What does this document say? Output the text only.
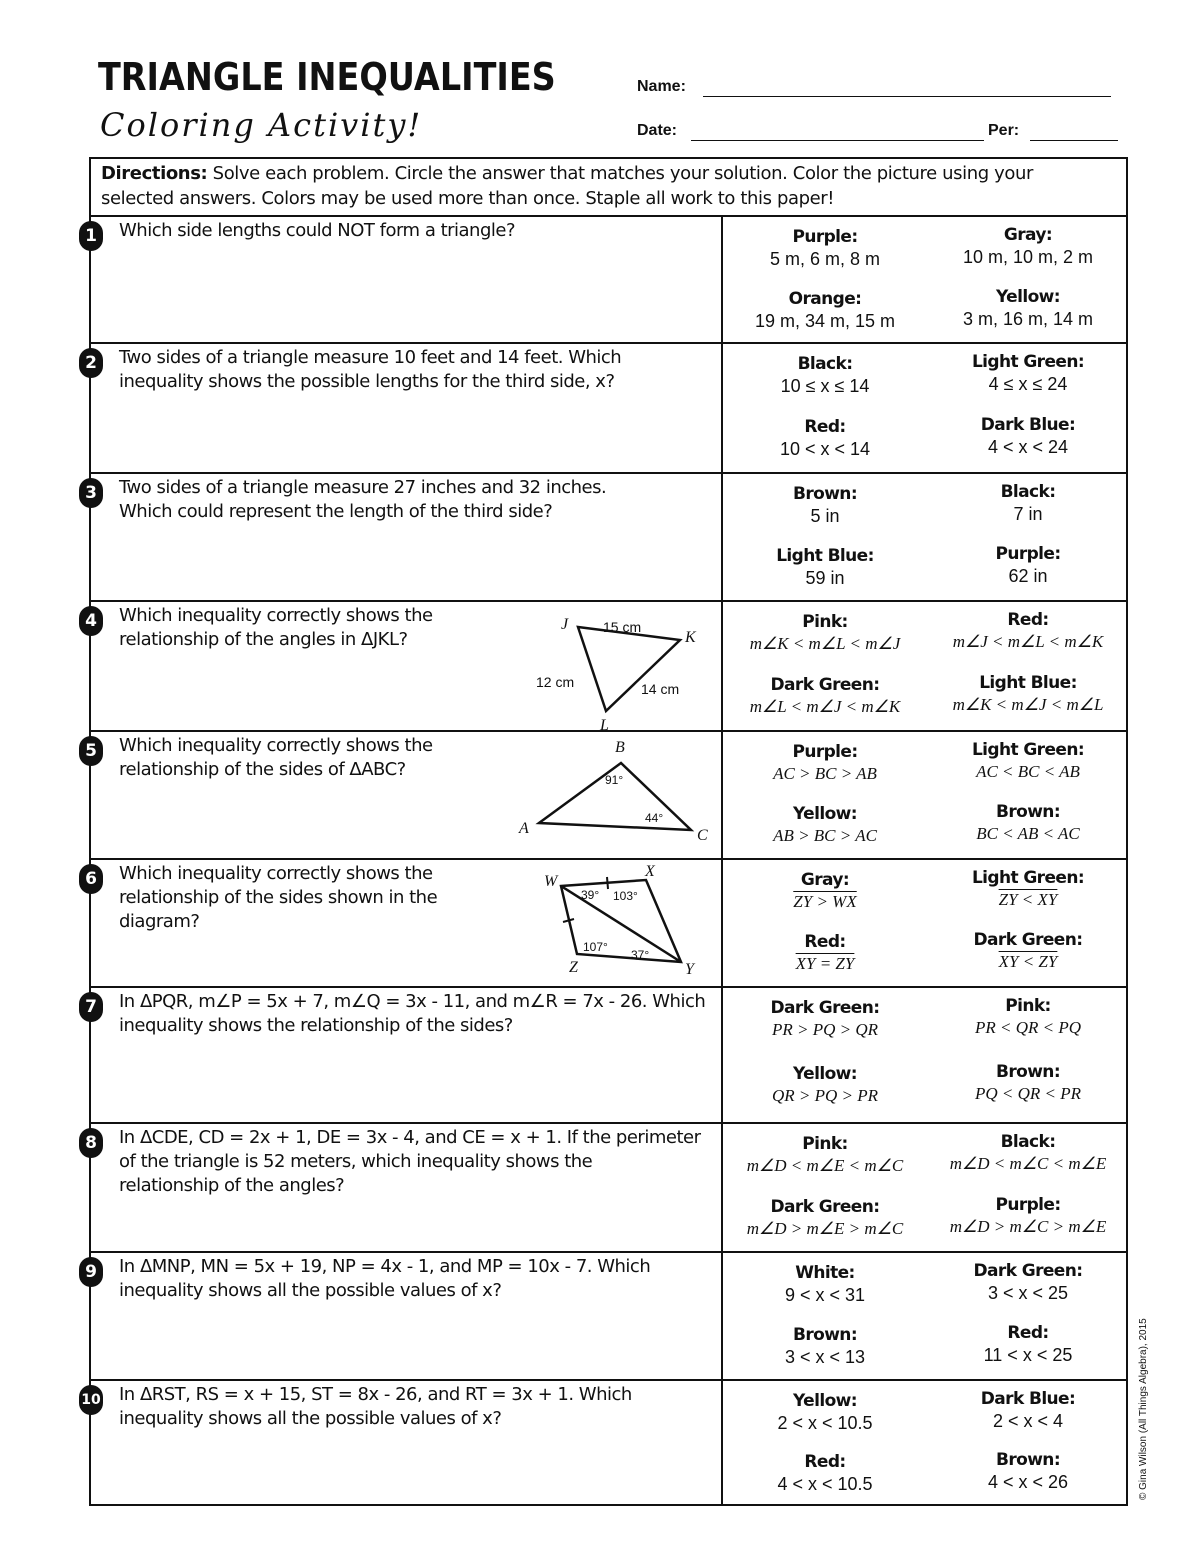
TRIANGLE INEQUALITIES
Coloring Activity!
Name:
Date:	Per:
© Gina Wilson (All Things Algebra), 2015
Directions: Solve each problem. Circle the answer that matches your solution. Color the picture using your selected answers. Colors may be used more than once. Staple all work to this paper!
1	Which side lengths could NOT form a triangle?	Purple:
5 m, 6 m, 8 m
Gray:
10 m, 10 m, 2 m
Orange:
19 m, 34 m, 15 m
Yellow:
3 m, 16 m, 14 m
2	Two sides of a triangle measure 10 feet and 14 feet. Which
inequality shows the possible lengths for the third side, x?
Black:
10 ≤ x ≤ 14
Light Green:
4 ≤ x ≤ 24
Red:
10 < x < 14
Dark Blue:
4 < x < 24
3	Two sides of a triangle measure 27 inches and 32 inches.
Which could represent the length of the third side?
Brown:
5 in
Black:
7 in
Light Blue:
59 in
Purple:
62 in
4	Which inequality correctly shows the
relationship of the angles in ΔJKL?
J
K
L
15 cm
12 cm	14 cm
Pink:
m∠K < m∠L < m∠J
Red:
m∠J < m∠L < m∠K
Dark Green:
m∠L < m∠J < m∠K
Light Blue:
m∠K < m∠J < m∠L
5	Which inequality correctly shows the
relationship of the sides of ΔABC?
A
B
C
91°
44°
Purple:
AC > BC > AB
Light Green:
AC < BC < AB
Yellow:
AB > BC > AC
Brown:
BC < AB < AC
6	Which inequality correctly shows the
relationship of the sides shown in the
diagram?
W
X
Y
Z
39° 103°
107°
37°
Gray:
ZY > WX
Light Green:
ZY < XY
Red:
XY = ZY
Dark Green:
XY < ZY
7	In ΔPQR, m∠P = 5x + 7, m∠Q = 3x - 11, and m∠R = 7x - 26. Which
inequality shows the relationship of the sides?
Dark Green:
PR > PQ > QR
Pink:
PR < QR < PQ
Yellow:
QR > PQ > PR
Brown:
PQ < QR < PR
8	In ΔCDE, CD = 2x + 1, DE = 3x - 4, and CE = x + 1. If the perimeter
of the triangle is 52 meters, which inequality shows the
relationship of the angles?
Pink:
m∠D < m∠E < m∠C
Black:
m∠D < m∠C < m∠E
Dark Green:
m∠D > m∠E > m∠C
Purple:
m∠D > m∠C > m∠E
9	In ΔMNP, MN = 5x + 19, NP = 4x - 1, and MP = 10x - 7. Which
inequality shows all the possible values of x?
White:
9 < x < 31
Dark Green:
3 < x < 25
Brown:
3 < x < 13
Red:
11 < x < 25
10 In ΔRST, RS = x + 15, ST = 8x - 26, and RT = 3x + 1. Which
inequality shows all the possible values of x?
Yellow:
2 < x < 10.5
Dark Blue:
2 < x < 4
Red:
4 < x < 10.5
Brown:
4 < x < 26
